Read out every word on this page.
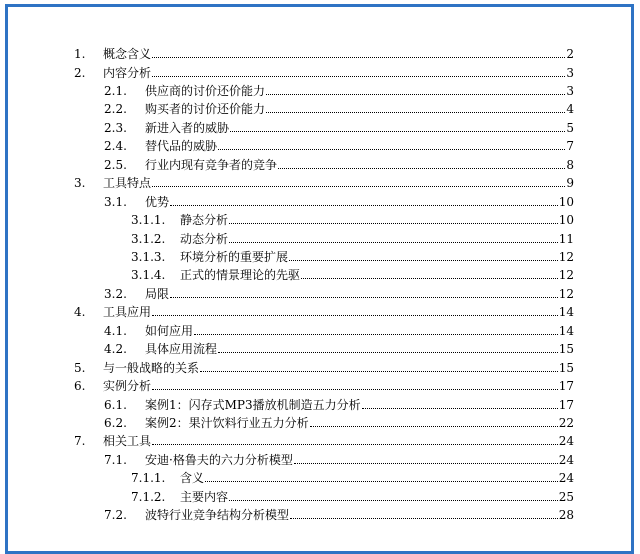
1. 概念含义	2
2. 内容分析	3
2.1. 供应商的讨价还价能力	3
2.2. 购买者的讨价还价能力	4
2.3. 新进入者的威胁	5
2.4. 替代品的威胁	7
2.5. 行业内现有竞争者的竞争	8
3. 工具特点	9
3.1. 优势	10
3.1.1. 静态分析	10
3.1.2. 动态分析	11
3.1.3. 环境分析的重要扩展	12
3.1.4. 正式的情景理论的先驱	12
3.2. 局限	12
4. 工具应用	14
4.1. 如何应用	14
4.2. 具体应用流程	15
5. 与一般战略的关系	15
6. 实例分析	17
6.1. 案例1：闪存式MP3播放机制造五力分析	17
6.2. 案例2：果汁饮料行业五力分析	22
7. 相关工具	24
7.1. 安迪·格鲁夫的六力分析模型	24
7.1.1. 含义	24
7.1.2. 主要内容	25
7.2. 波特行业竞争结构分析模型	28
